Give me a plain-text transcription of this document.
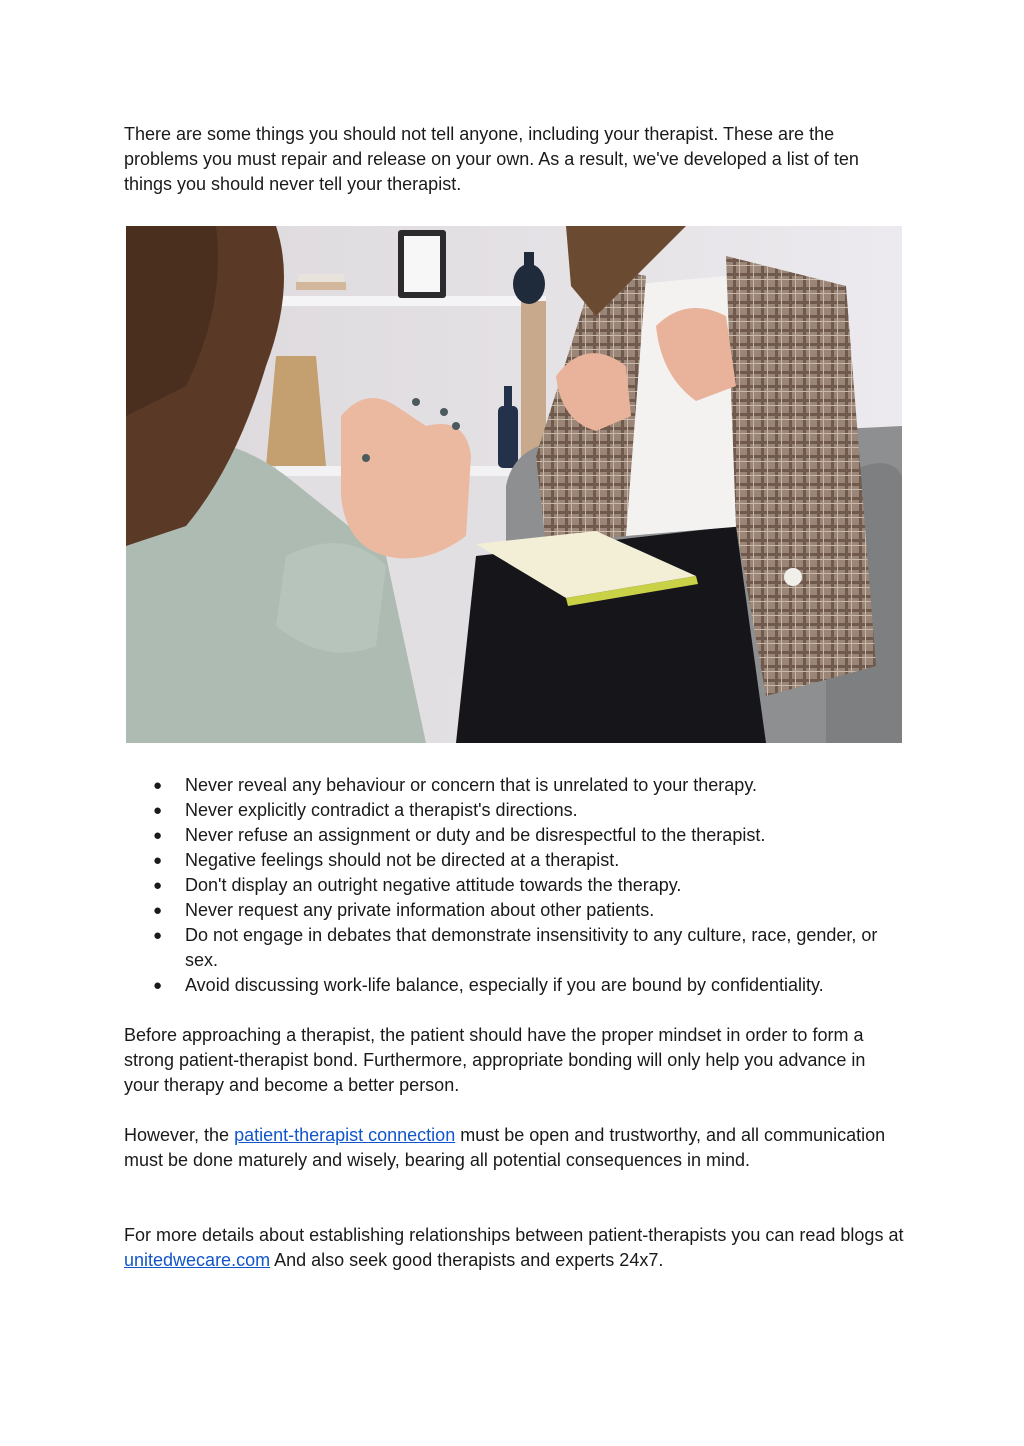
There are some things you should not tell anyone, including your therapist. These are the problems you must repair and release on your own. As a result, we've developed a list of ten things you should never tell your therapist.

● Never reveal any behaviour or concern that is unrelated to your therapy.
● Never explicitly contradict a therapist's directions.
● Never refuse an assignment or duty and be disrespectful to the therapist.
● Negative feelings should not be directed at a therapist.
● Don't display an outright negative attitude towards the therapy.
● Never request any private information about other patients.
● Do not engage in debates that demonstrate insensitivity to any culture, race, gender, or sex.
● Avoid discussing work-life balance, especially if you are bound by confidentiality.

Before approaching a therapist, the patient should have the proper mindset in order to form a strong patient-therapist bond. Furthermore, appropriate bonding will only help you advance in your therapy and become a better person.

However, the patient-therapist connection must be open and trustworthy, and all communication must be done maturely and wisely, bearing all potential consequences in mind.

For more details about establishing relationships between patient-therapists you can read blogs at unitedwecare.com And also seek good therapists and experts 24x7.
